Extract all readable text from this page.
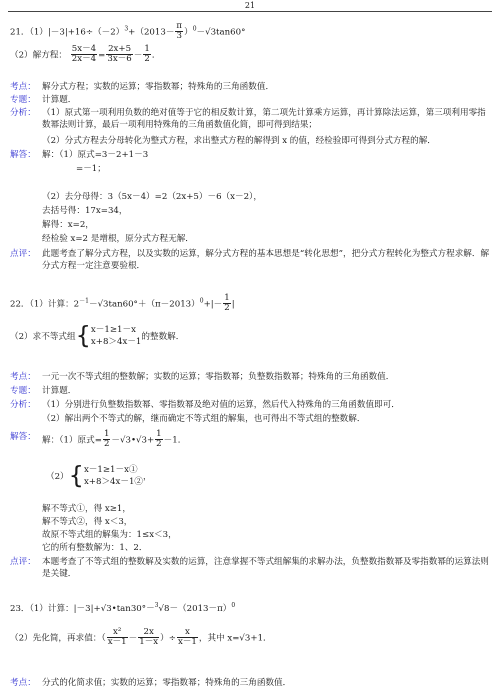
21
21．$(1)|-3|+16\div(-2)^3+(2013- \frac{\pi}{3} )^0-√3\tan 60^\circ$
（2）解方程： $\frac{5x-4}{2x-4} = \frac{2x+5}{3x-6} - \frac{1}{2}$ ．
考点： 解分式方程；实数的运算；零指数幂；特殊角的三角函数值．
专题： 计算题．
分析： （1）原式第一项利用负数的绝对值等于它的相反数计算，第二项先计算乘方运算，再计算除法运算，第三项利用零指数幂法则计算，最后一项利用特殊角的三角函数值化简，即可得到结果；
（2）分式方程去分母转化为整式方程，求出整式方程的解得到 x 的值，经检验即可得到分式方程的解．
解答： 解：（1）原式=3－2+1－3
=－1；
（2）去分母得：3（5x－4）=2（2x+5）－6（x－2），
去括号得：17x=34，
解得：x=2，
经检验 x=2 是增根，原分式方程无解．
点评： 此题考查了解分式方程，以及实数的运算，解分式方程的基本思想是“转化思想”，把分式方程转化为整式方程求解．解分式方程一定注意要验根．
22．（1）计算：$2^{-1}-√3\tan 60^\circ+(\pi-2013)^0+|- \frac{1}{2}$ |
（2）求不等式组{ x－1≥1－x
x+8＞4x－1
的整数解．
考点： 一元一次不等式组的整数解；实数的运算；零指数幂；负整数指数幂；特殊角的三角函数值．
专题： 计算题．
分析： （1）分别进行负整数指数幂、零指数幂及绝对值的运算，然后代入特殊角的三角函数值即可．
（2）解出两个不等式的解，继而确定不等式组的解集，也可得出不等式组的整数解．
解答： 解：（1）原式= $\frac{1}{2}$ －√3•√3+ $\frac{1}{2} -1$．
（2）{ x－1≥1－x①
x+8＞4x－1②
，
解不等式①，得 x≥1，
解不等式②，得 x＜3，
故原不等式组的解集为：1≤x＜3，
它的所有整数解为：1、2．
点评： 本题考查了不等式组的整数解及实数的运算，注意掌握不等式组解集的求解办法，负整数指数幂及零指数幂的运算法则是关键．
23．（1）计算：$|-3|+√3•\tan 30^\circ-^3√8-(2013-\pi)^0$
（2）先化简，再求值：（ $\frac{\text{x²}}{x-1} - \frac{2x}{1-x}$ ）÷ $\frac{x}{x-1}$ ，其中 x=√3+1．
考点： 分式的化简求值；实数的运算；零指数幂；特殊角的三角函数值．
